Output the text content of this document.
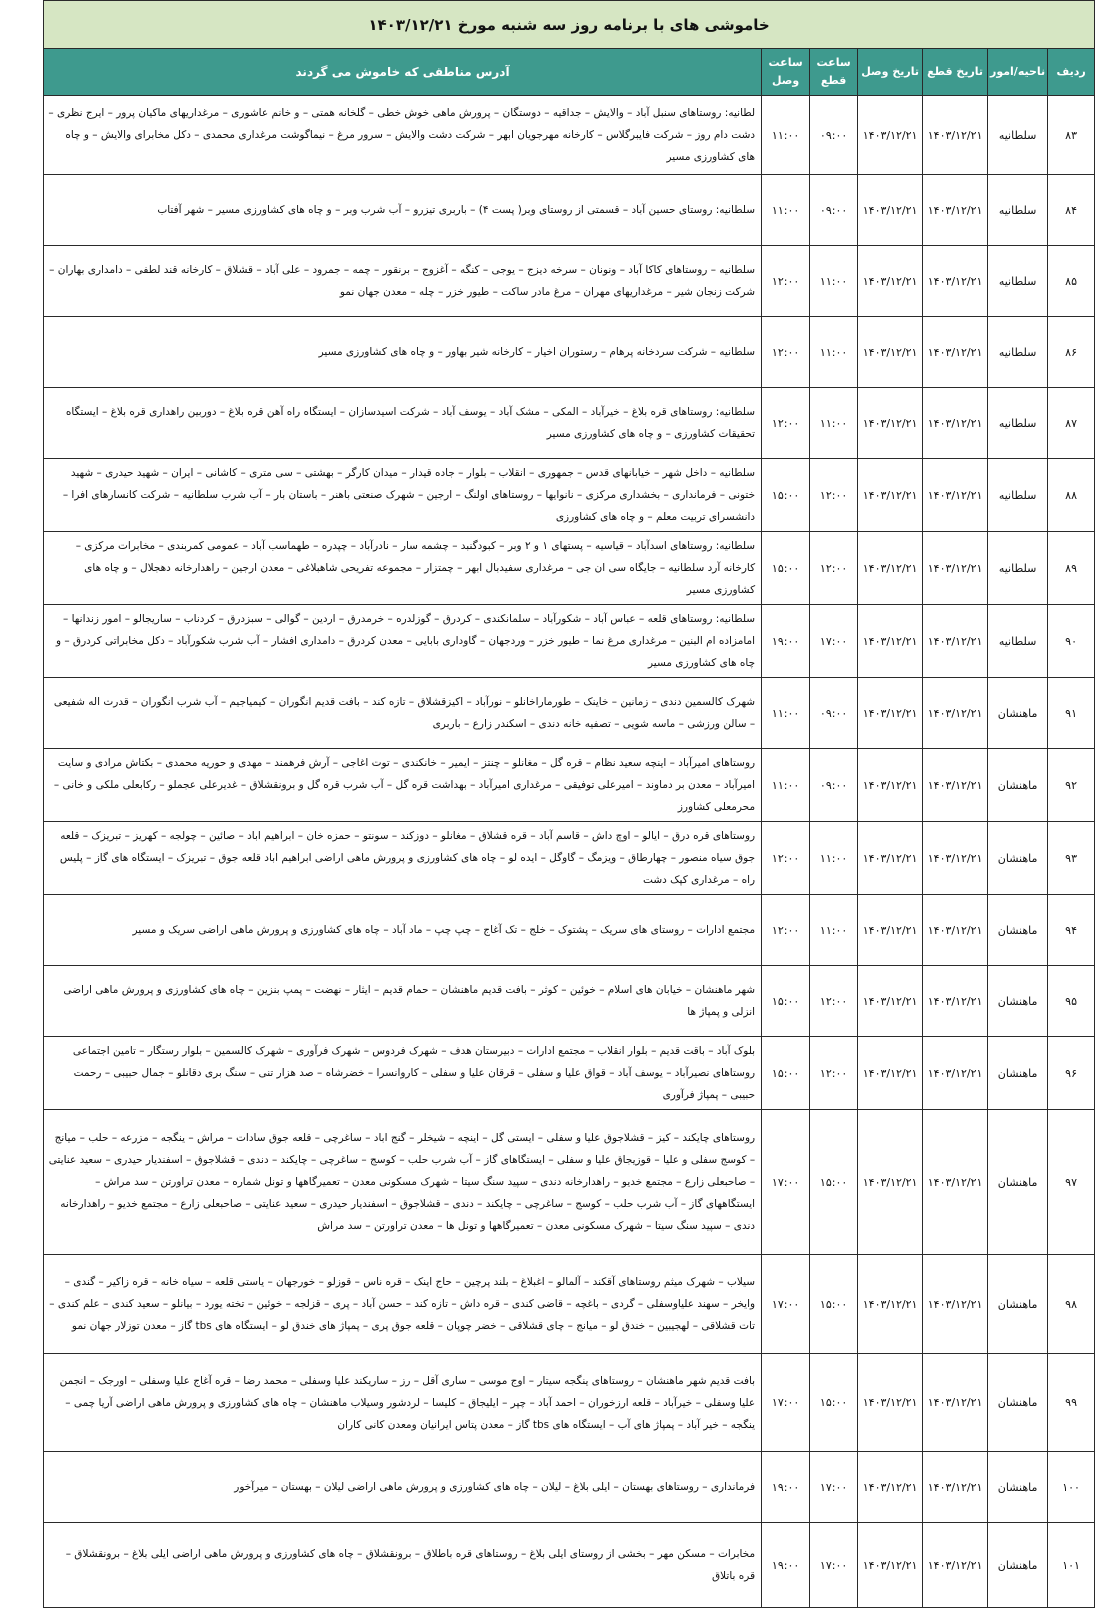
خاموشی های با برنامه روز سه شنبه مورخ ۱۴۰۳/۱۲/۲۱						
ردیف	ناحیه/امور	تاریخ قطع	تاریخ وصل	ساعت قطع	ساعت وصل	آدرس مناطقی که خاموش می گردند
۸۳	سلطانیه	۱۴۰۳/۱۲/۲۱	۱۴۰۳/۱۲/۲۱	۰۹:۰۰	۱۱:۰۰	لطانیه: روستاهای سنبل آباد – والایش – جداقیه – دوستگان – پرورش ماهی خوش خطی – گلخانه همتی – و خانم عاشوری – مرغداریهای ماکیان پرور – ایرج نظری – دشت دام روز – شرکت فایبرگلاس – کارخانه مهرجویان ابهر – شرکت دشت والایش – سرور مرغ – نیماگوشت مرغداری محمدی – دکل مخابرای والایش – و چاه های کشاورزی مسیر
۸۴	سلطانیه	۱۴۰۳/۱۲/۲۱	۱۴۰۳/۱۲/۲۱	۰۹:۰۰	۱۱:۰۰	سلطانیه: روستای حسین آباد – قسمتی از روستای وبر( پست ۴) – باربری تیزرو – آب شرب وبر – و چاه های کشاورزی مسیر – شهر آفتاب
۸۵	سلطانیه	۱۴۰۳/۱۲/۲۱	۱۴۰۳/۱۲/۲۱	۱۱:۰۰	۱۲:۰۰	سلطانیه – روستاهای کاکا آباد – ونونان – سرخه دیزج – یوجی – کنگه – آغزوج – برنقور – چمه – جمرود – علی آباد – قشلاق – کارخانه قند لطفی – دامداری بهاران – شرکت زنجان شیر – مرغداریهای مهران – مرغ مادر ساکت – طیور خزر – چله – معدن جهان نمو
۸۶	سلطانیه	۱۴۰۳/۱۲/۲۱	۱۴۰۳/۱۲/۲۱	۱۱:۰۰	۱۲:۰۰	سلطانیه – شرکت سردخانه پرهام – رستوران اخیار – کارخانه شیر بهاور – و چاه های کشاورزی مسیر
۸۷	سلطانیه	۱۴۰۳/۱۲/۲۱	۱۴۰۳/۱۲/۲۱	۱۱:۰۰	۱۲:۰۰	سلطانیه: روستاهای قره بلاغ – خیرآباد – المکی – مشک آباد – یوسف آباد – شرکت اسیدسازان – ایستگاه راه آهن قره بلاغ – دوربین راهداری قره بلاغ – ایستگاه تحقیقات کشاورزی – و چاه های کشاورزی مسیر
۸۸	سلطانیه	۱۴۰۳/۱۲/۲۱	۱۴۰۳/۱۲/۲۱	۱۲:۰۰	۱۵:۰۰	سلطانیه – داخل شهر – خیابانهای قدس – جمهوری – انقلاب – بلوار – جاده قیدار – میدان کارگر – بهشتی – سی متری – کاشانی – ایران – شهید حیدری – شهید ختونی – فرمانداری – بخشداری مرکزی – نانوایها – روستاهای اولنگ – ارجین – شهرک صنعتی باهنر – باستان بار – آب شرب سلطانیه – شرکت کانسارهای افرا – دانشسرای تربیت معلم – و چاه های کشاورزی
۸۹	سلطانیه	۱۴۰۳/۱۲/۲۱	۱۴۰۳/۱۲/۲۱	۱۲:۰۰	۱۵:۰۰	سلطانیه: روستاهای اسدآباد – قیاسیه – پستهای ۱ و ۲ وبر – کبودگنبد – چشمه سار – نادرآباد – چپدره – طهماسب آباد – عمومی کمربندی – مخابرات مرکزی – کارخانه آرد سلطانیه – جایگاه سی ان جی – مرغداری سفیدبال ابهر – چمتزار – مجموعه تفریحی شاهبلاغی – معدن ارجین – راهدارخانه دهجلال – و چاه های کشاورزی مسیر
۹۰	سلطانیه	۱۴۰۳/۱۲/۲۱	۱۴۰۳/۱۲/۲۱	۱۷:۰۰	۱۹:۰۰	سلطانیه: روستاهای قلعه – عباس آباد – شکورآباد – سلمانکندی – کردرق – گوزلدره – خرمدرق – اردین – گوالی – سبزدرق – کردناب – ساریجالو – امور زندانها – امامزاده ام البنین – مرغداری مرغ نما – طیور خزر – وردجهان – گاوداری بابایی – معدن کردرق – دامداری افشار – آب شرب شکورآباد – دکل مخابراتی کردرق – و چاه های کشاورزی مسیر
۹۱	ماهنشان	۱۴۰۳/۱۲/۲۱	۱۴۰۳/۱۲/۲۱	۰۹:۰۰	۱۱:۰۰	شهرک کالسمین دندی – زمانین – خاینک – طورماراخانلو – نورآباد – اکیزقشلاق – تازه کند – بافت قدیم انگوران – کیمیاجیم – آب شرب انگوران – قدرت اله شفیعی – سالن ورزشی – ماسه شویی – تصفیه خانه دندی – اسکندر زارع – باربری
۹۲	ماهنشان	۱۴۰۳/۱۲/۲۱	۱۴۰۳/۱۲/۲۱	۰۹:۰۰	۱۱:۰۰	روستاهای امیرآباد – اینچه سعید نظام – قره گل – مغانلو – چنتز – ایمیر – خانکندی – توت اغاجی – آرش فرهمند – مهدی و حوریه محمدی – بکتاش مرادی و سایت امیرآباد – معدن بر دماوند – امیرعلی توفیقی – مرغداری امیرآباد – بهداشت قره گل – آب شرب قره گل و برونقشلاق – غدیرعلی عجملو – رکابعلی ملکی و خانی – محرمعلی کشاورز
۹۳	ماهنشان	۱۴۰۳/۱۲/۲۱	۱۴۰۳/۱۲/۲۱	۱۱:۰۰	۱۲:۰۰	روستاهای قره درق – ایالو – اوچ داش – قاسم آباد – قره قشلاق – مغانلو – دوزکند – سونتو – حمزه خان – ابراهیم اباد – صائین – چولجه – کهریز – تبریزک – قلعه جوق سیاه منصور – چهارطاق – ویزمگ – گاوگل – ایده لو – چاه های کشاورزی و پرورش ماهی اراضی ابراهیم اباد قلعه جوق – تبریزک – ایستگاه های گاز – پلیس راه – مرغداری کپک دشت
۹۴	ماهنشان	۱۴۰۳/۱۲/۲۱	۱۴۰۳/۱۲/۲۱	۱۱:۰۰	۱۲:۰۰	مجتمع ادارات – روستای های سریک – پشتوک – خلج – تک آغاج – چپ چپ – ماد آباد – چاه های کشاورزی و پرورش ماهی اراضی سریک و مسیر
۹۵	ماهنشان	۱۴۰۳/۱۲/۲۱	۱۴۰۳/۱۲/۲۱	۱۲:۰۰	۱۵:۰۰	شهر ماهنشان – خیابان های اسلام – خوئین – کوثر – بافت قدیم ماهنشان – حمام قدیم – ایثار – نهضت – پمپ بنزین – چاه های کشاورزی و پرورش ماهی اراضی انزلی و پمپاژ ها
۹۶	ماهنشان	۱۴۰۳/۱۲/۲۱	۱۴۰۳/۱۲/۲۱	۱۲:۰۰	۱۵:۰۰	بلوک آباد – باقت قدیم – بلوار انقلاب – مجتمع ادارات – دبیرستان هدف – شهرک فردوس – شهرک فرآوری – شهرک کالسمین – بلوار رستگار – تامین اجتماعی روستاهای نصیرآباد – یوسف آباد – قواق علیا و سفلی – قرقان علیا و سفلی – کاروانسرا – خضرشاه – صد هزار تنی – سنگ بری دقانلو – جمال حبیبی – رحمت حبیبی – پمپاژ فرآوری
۹۷	ماهنشان	۱۴۰۳/۱۲/۲۱	۱۴۰۳/۱۲/۲۱	۱۵:۰۰	۱۷:۰۰	روستاهای چایکند – کیز – قشلاجوق علیا و سفلی – ایستی گل – اینچه – شیخلر – گنج اباد – ساغرچی – قلعه جوق سادات – مراش – ینگجه – مزرعه – حلب – میانج – کوسج سفلی و علیا – قوزیجاق علیا و سفلی – ایستگاهای گاز – آب شرب حلب – کوسج – ساغرچی – چایکند – دندی – قشلاجوق – اسفندیار حیدری – سعید عنایتی – صاحبعلی زارع – مجتمع خدیو – راهدارخانه دندی – سپید سنگ سیتا – شهرک مسکونی معدن – تعمیرگاهها و تونل شماره – معدن تراورتن – سد مراش – ایستگاههای گاز – آب شرب حلب – کوسج – ساغرچی – چایکند – دندی – قشلاجوق – اسفندیار حیدری – سعید عنایتی – صاحبعلی زارع – مجتمع خدیو – راهدارخانه دندی – سپید سنگ سیتا – شهرک مسکونی معدن – تعمیرگاهها و تونل ها – معدن تراورتن – سد مراش
۹۸	ماهنشان	۱۴۰۳/۱۲/۲۱	۱۴۰۳/۱۲/۲۱	۱۵:۰۰	۱۷:۰۰	سیلاب – شهرک میثم روستاهای آقکند – آلمالو – اغبلاغ – بلند پرچین – حاج اینک – قره ناس – قوزلو – خورجهان – یاستی قلعه – سیاه خانه – قره زاکیر – گندی – وایخر – سهند علیاوسفلی – گردی – باغچه – قاضی کندی – قره داش – تازه کند – حسن آباد – پری – قزلجه – خوئین – تخته یورد – بیانلو – سعید کندی – علم کندی – تات قشلاقی – لهجیبین – خندق لو – میانج – چای قشلاقی – خضر چوپان – قلعه جوق پری – پمپاژ های خندق لو – ایستگاه های tbs گاز – معدن توزلار جهان نمو
۹۹	ماهنشان	۱۴۰۳/۱۲/۲۱	۱۴۰۳/۱۲/۲۱	۱۵:۰۰	۱۷:۰۰	بافت قدیم شهر ماهنشان – روستاهای ینگجه سیتار – اوج موسی – ساری آقل – رز – ساریکند علیا وسفلی – محمد رضا – قره آغاج علیا وسفلی – اورجک – انجمن علیا وسفلی – خیرآباد – قلعه ارزخوران – احمد آباد – چپر – ایلیجاق – کلیسا – لردشور وسیلاب ماهنشان – چاه های کشاورزی و پرورش ماهی اراضی آریا چمی – ینگجه – خیر آباد – پمپاژ های آب – ایستگاه های tbs گاز – معدن پتاس ایرانیان ومعدن کانی کاران
۱۰۰	ماهنشان	۱۴۰۳/۱۲/۲۱	۱۴۰۳/۱۲/۲۱	۱۷:۰۰	۱۹:۰۰	فرمانداری – روستاهای بهستان – ایلی بلاغ – لیلان – چاه های کشاورزی و پرورش ماهی اراضی لیلان – بهستان – میرآخور
۱۰۱	ماهنشان	۱۴۰۳/۱۲/۲۱	۱۴۰۳/۱۲/۲۱	۱۷:۰۰	۱۹:۰۰	مخابرات – مسکن مهر – بخشی از روستای ایلی بلاغ – روستاهای قره باطلاق – برونقشلاق – چاه های کشاورزی و پرورش ماهی اراضی ایلی بلاغ – برونقشلاق – قره باتلاق
